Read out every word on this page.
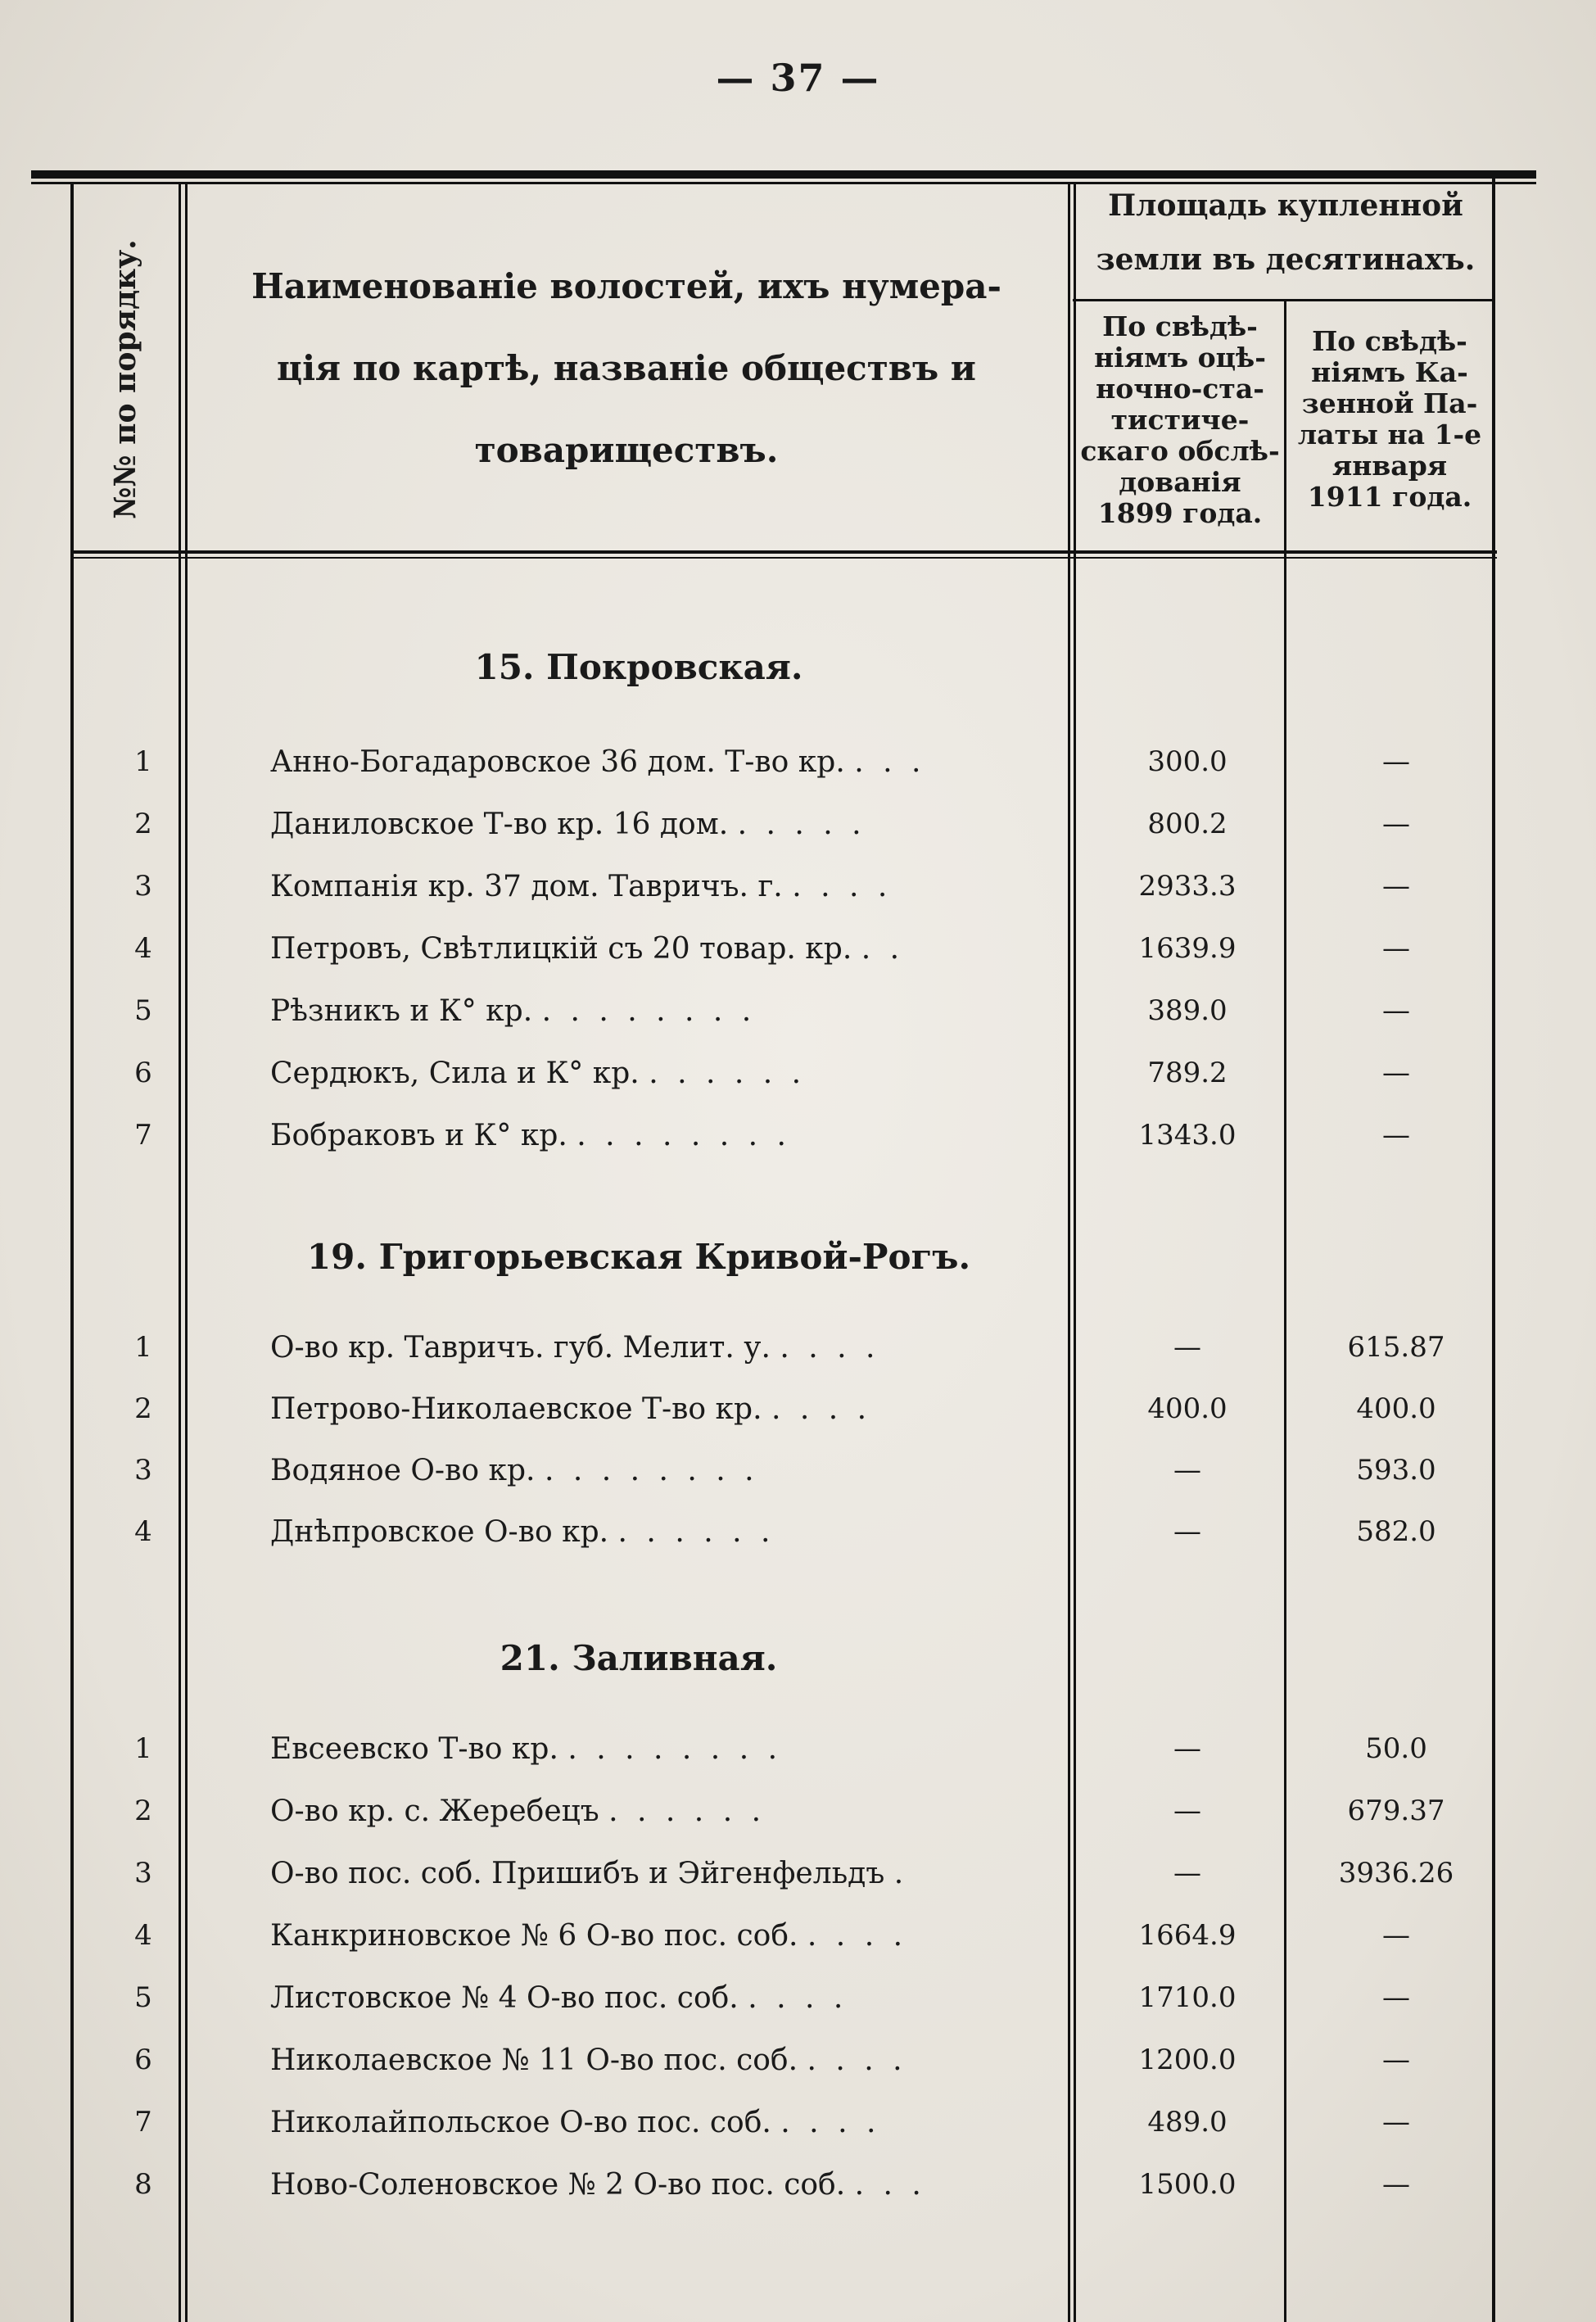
— 37 —
№№ по порядку.	Наименованіе волостей, ихъ нумера-
ція по картѣ, названіе обществъ и
товариществъ.
Площадь купленной
земли въ десятинахъ.
По свѣдѣ-
ніямъ оцѣ-
ночно-ста-
тистиче-
скаго обслѣ-
дованія
1899 года.
По свѣдѣ-
ніямъ Ка-
зенной Па-
латы на 1-е
января
1911 года.
15. Покровская.
1	Анно-Богадаровское 36 дом. Т-во кр. . . .	300.0	—
2	Даниловское Т-во кр. 16 дом. . . . . .	800.2	—
3	Компанія кр. 37 дом. Тавричъ. г. . . . .	2933.3	—
4	Петровъ, Свѣтлицкій съ 20 товар. кр. . .	1639.9	—
5	Рѣзникъ и К° кр. . . . . . . . .	389.0	—
6	Сердюкъ, Сила и К° кр. . . . . . .	789.2	—
7	Бобраковъ и К° кр. . . . . . . . .	1343.0	—
19. Григорьевская Кривой-Рогъ.
1	О-во кр. Тавричъ. губ. Мелит. у. . . . .	—	615.87
2	Петрово-Николаевское Т-во кр. . . . .	400.0	400.0
3	Водяное О-во кр. . . . . . . . .	—	593.0
4	Днѣпровское О-во кр. . . . . . .	—	582.0
21. Заливная.
1	Евсеевско Т-во кр. . . . . . . . .	—	50.0
2	О-во кр. с. Жеребецъ . . . . . .	—	679.37
3	О-во пос. соб. Пришибъ и Эйгенфельдъ .	—	3936.26
4	Канкриновское № 6 О-во пос. соб. . . . .	1664.9	—
5	Листовское № 4 О-во пос. соб. . . . .	1710.0	—
6	Николаевское № 11 О-во пос. соб. . . . .	1200.0	—
7	Николайпольское О-во пос. соб. . . . .	489.0	—
8	Ново-Соленовское № 2 О-во пос. соб. . . .	1500.0	—
